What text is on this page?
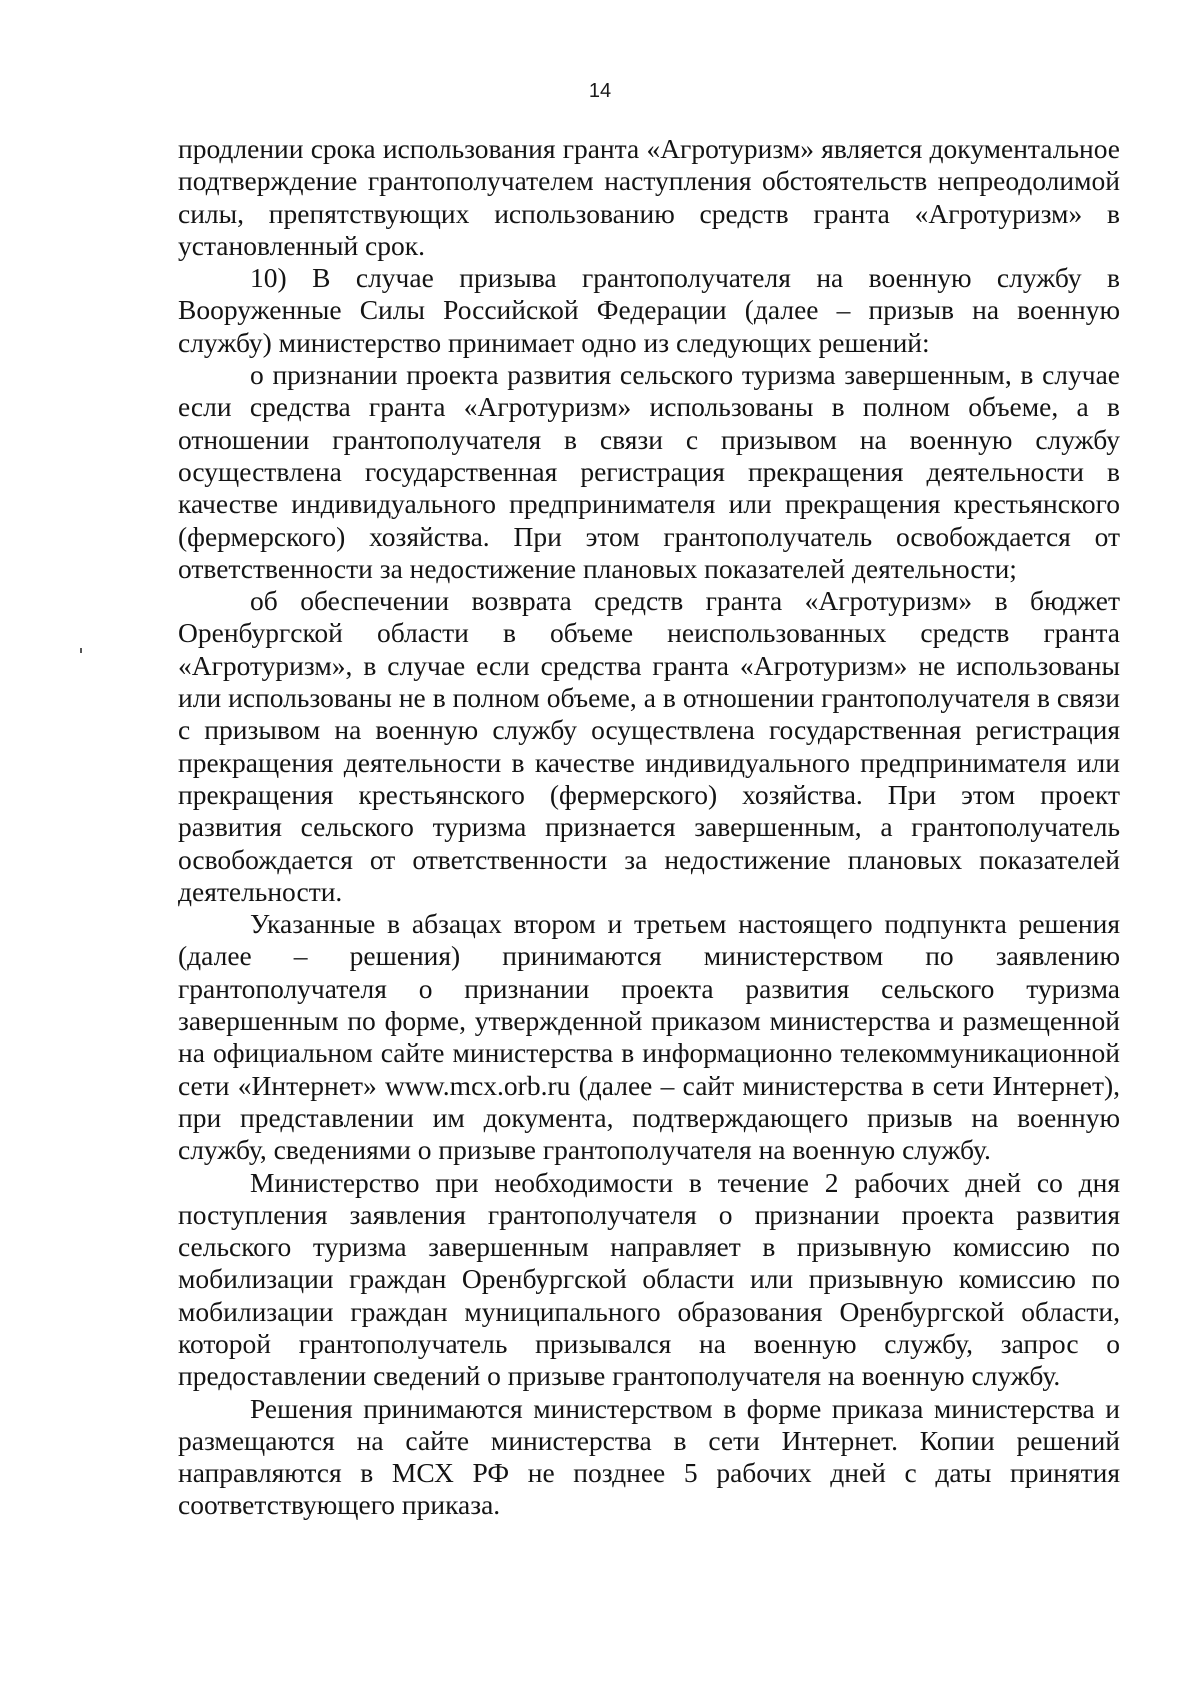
14

продлении срока использования гранта «Агротуризм» является документальное подтверждение грантополучателем наступления обстоятельств непреодолимой силы, препятствующих использованию средств гранта «Агротуризм» в установленный срок.

10) В случае призыва грантополучателя на военную службу в Вооруженные Силы Российской Федерации (далее – призыв на военную службу) министерство принимает одно из следующих решений:

о признании проекта развития сельского туризма завершенным, в случае если средства гранта «Агротуризм» использованы в полном объеме, а в отношении грантополучателя в связи с призывом на военную службу осуществлена государственная регистрация прекращения деятельности в качестве индивидуального предпринимателя или прекращения крестьянского (фермерского) хозяйства. При этом грантополучатель освобождается от ответственности за недостижение плановых показателей деятельности;

об обеспечении возврата средств гранта «Агротуризм» в бюджет Оренбургской области в объеме неиспользованных средств гранта «Агротуризм», в случае если средства гранта «Агротуризм» не использованы или использованы не в полном объеме, а в отношении грантополучателя в связи с призывом на военную службу осуществлена государственная регистрация прекращения деятельности в качестве индивидуального предпринимателя или прекращения крестьянского (фермерского) хозяйства. При этом проект развития сельского туризма признается завершенным, а грантополучатель освобождается от ответственности за недостижение плановых показателей деятельности.

Указанные в абзацах втором и третьем настоящего подпункта решения (далее – решения) принимаются министерством по заявлению грантополучателя о признании проекта развития сельского туризма завершенным по форме, утвержденной приказом министерства и размещенной на официальном сайте министерства в информационно телекоммуникационной сети «Интернет» www.mcx.orb.ru (далее – сайт министерства в сети Интернет), при представлении им документа, подтверждающего призыв на военную службу, сведениями о призыве грантополучателя на военную службу.

Министерство при необходимости в течение 2 рабочих дней со дня поступления заявления грантополучателя о признании проекта развития сельского туризма завершенным направляет в призывную комиссию по мобилизации граждан Оренбургской области или призывную комиссию по мобилизации граждан муниципального образования Оренбургской области, которой грантополучатель призывался на военную службу, запрос о предоставлении сведений о призыве грантополучателя на военную службу.

Решения принимаются министерством в форме приказа министерства и размещаются на сайте министерства в сети Интернет. Копии решений направляются в МСХ РФ не позднее 5 рабочих дней с даты принятия соответствующего приказа.
